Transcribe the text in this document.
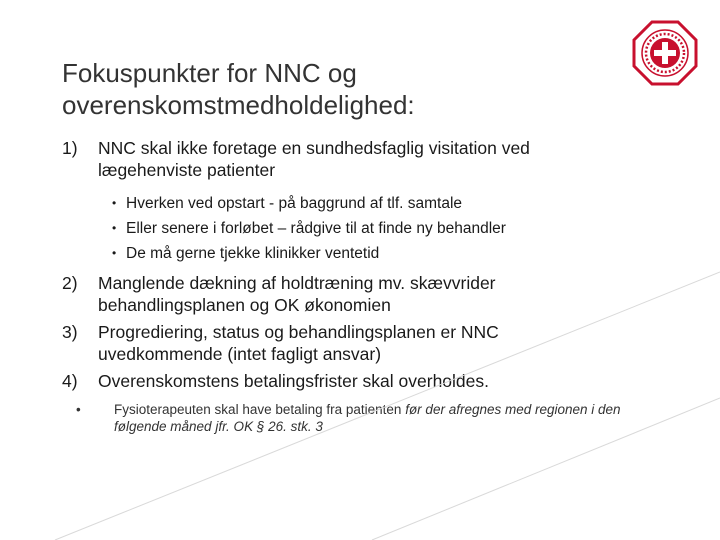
Fokuspunkter for NNC og overenskomstmedholdelighed:
1)	NNC skal ikke foretage en sundhedsfaglig visitation ved lægehenviste patienter
• Hverken ved opstart - på baggrund af tlf. samtale
• Eller senere i forløbet – rådgive til at finde ny behandler
• De må gerne tjekke klinikker ventetid
2)	Manglende dækning af holdtræning mv. skævvrider behandlingsplanen og OK økonomien
3)	Progrediering, status og behandlingsplanen er NNC uvedkommende (intet fagligt ansvar)
4)	Overenskomstens betalingsfrister skal overholdes.
•	Fysioterapeuten skal have betaling fra patienten før der afregnes med regionen i den følgende måned jfr. OK § 26. stk. 3
